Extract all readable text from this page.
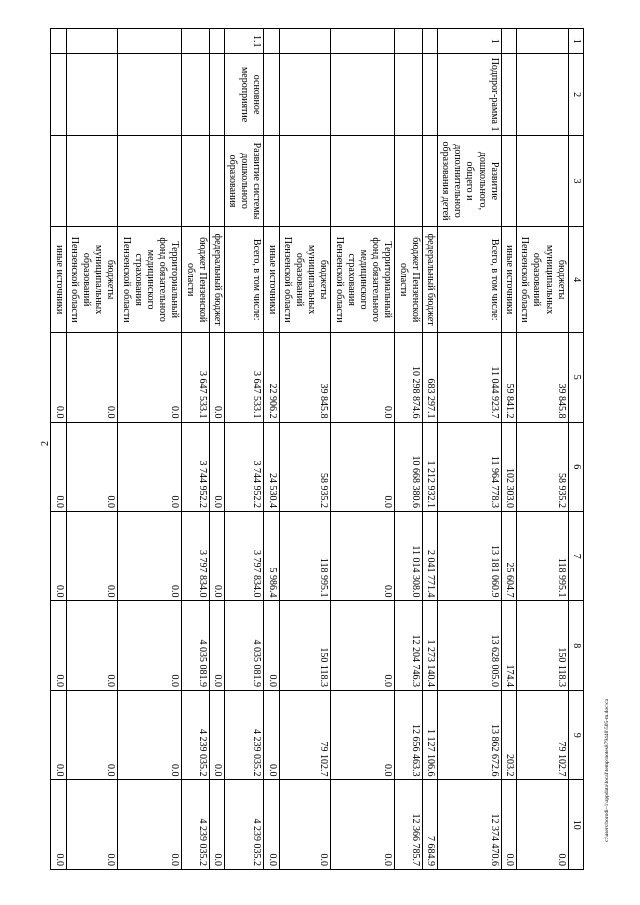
2
1	2	3	4	5	6	7	8	9	10
			бюджеты муниципальных образований Пензенской области	39 845.8	58 935.2	118 995.1	150 118.3	79 102.7	0.0
			иные источники	59 841.2	102 303.0	25 604.7	174.4	203.2	0.0
1	Подпрог-рамма 1	Развитие дошкольного, общего и дополнительного образования детей	Всего, в том числе:	11 044 923.7	11 964 778.3	13 181 060.9	13 628 005.0	13 862 672.6	12 374 470.6
			федеральный бюджет	683 297.1	1 212 932.1	2 041 771.4	1 273 140.4	1 127 106.6	7 684.9
			бюджет Пензенской области	10 298 874.6	10 668 380.6	11 014 308.0	12 204 746.3	12 656 463.3	12 366 785.7
			Территориальный фонд обязательного медицинского страхования Пензенской области	0.0	0.0	0.0	0.0	0.0	0.0
			бюджеты муниципальных образований Пензенской области	39 845.8	58 935.2	118 995.1	150 118.3	79 102.7	0.0
			иные источники	22 906.2	24 530.4	5 986.4	0.0	0.0	0.0
1.1	основное мероприятие	Развитие системы дошкольного образования	Всего, в том числе:	3 647 533.1	3 744 952.2	3 797 834.0	4 035 081.9	4 239 035.2	4 239 035.2
			федеральный бюджет	0.0	0.0	0.0	0.0	0.0	0.0
			бюджет Пензенской области	3 647 533.1	3 744 952.2	3 797 834.0	4 035 081.9	4 239 035.2	4 239 035.2
			Территориальный фонд обязательного медицинского страхования Пензенской области	0.0	0.0	0.0	0.0	0.0	0.0
			бюджеты муниципальных образований Пензенской области	0.0	0.0	0.0	0.0	0.0	0.0
			иные источники	0.0	0.0	0.0	0.0	0.0	0.0
c:\users\borodi~1\appdata\local\temp\notes879440\505-m.doc\ca
